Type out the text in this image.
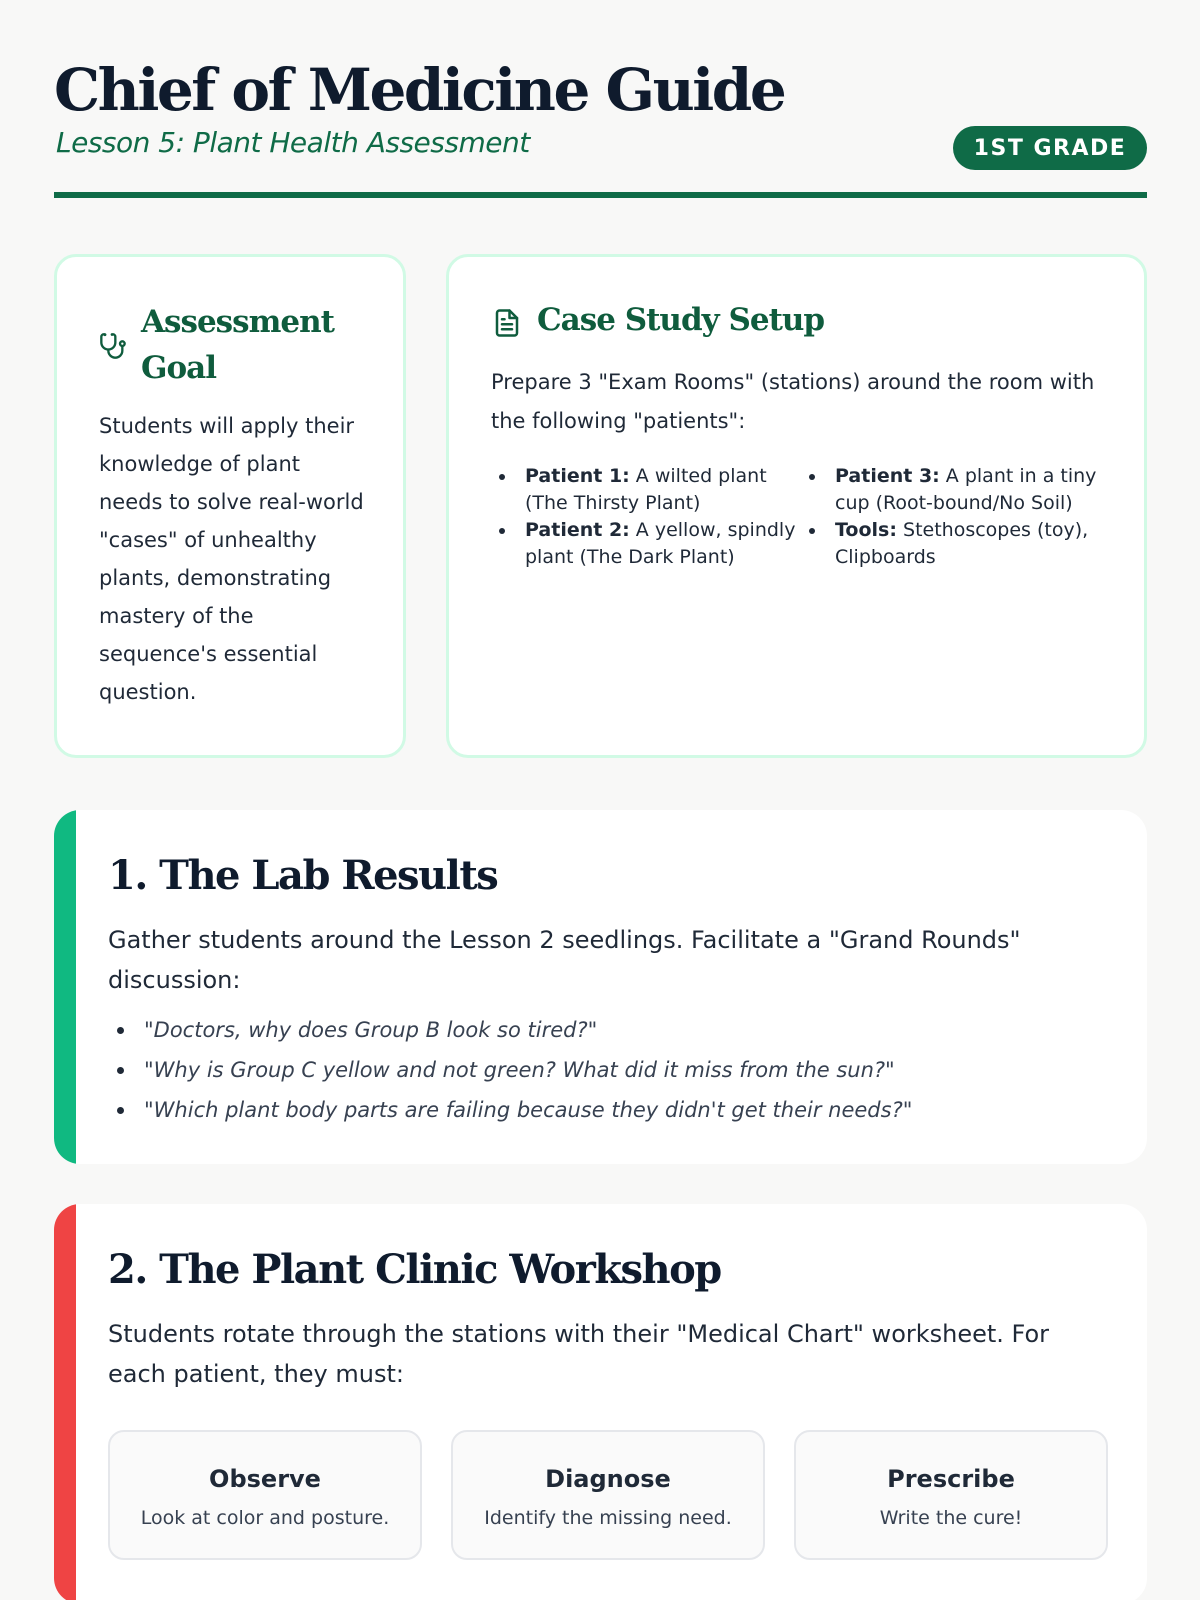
Chief of Medicine Guide
Lesson 5: Plant Health Assessment	1ST GRADE
Assessment Goal
Students will apply their knowledge of plant needs to solve real-world "cases" of unhealthy plants, demonstrating mastery of the sequence's essential question.
Case Study Setup
Prepare 3 "Exam Rooms" (stations) around the room with the following "patients":
Patient 1: A wilted plant (The Thirsty Plant)
Patient 2: A yellow, spindly plant (The Dark Plant)
Patient 3: A plant in a tiny cup (Root-bound/No Soil)
Tools: Stethoscopes (toy), Clipboards
1. The Lab Results
Gather students around the Lesson 2 seedlings. Facilitate a "Grand Rounds" discussion:
"Doctors, why does Group B look so tired?"
"Why is Group C yellow and not green? What did it miss from the sun?"
"Which plant body parts are failing because they didn't get their needs?"
2. The Plant Clinic Workshop
Students rotate through the stations with their "Medical Chart" worksheet. For each patient, they must:
Observe
Look at color and posture.
Diagnose
Identify the missing need.
Prescribe
Write the cure!
